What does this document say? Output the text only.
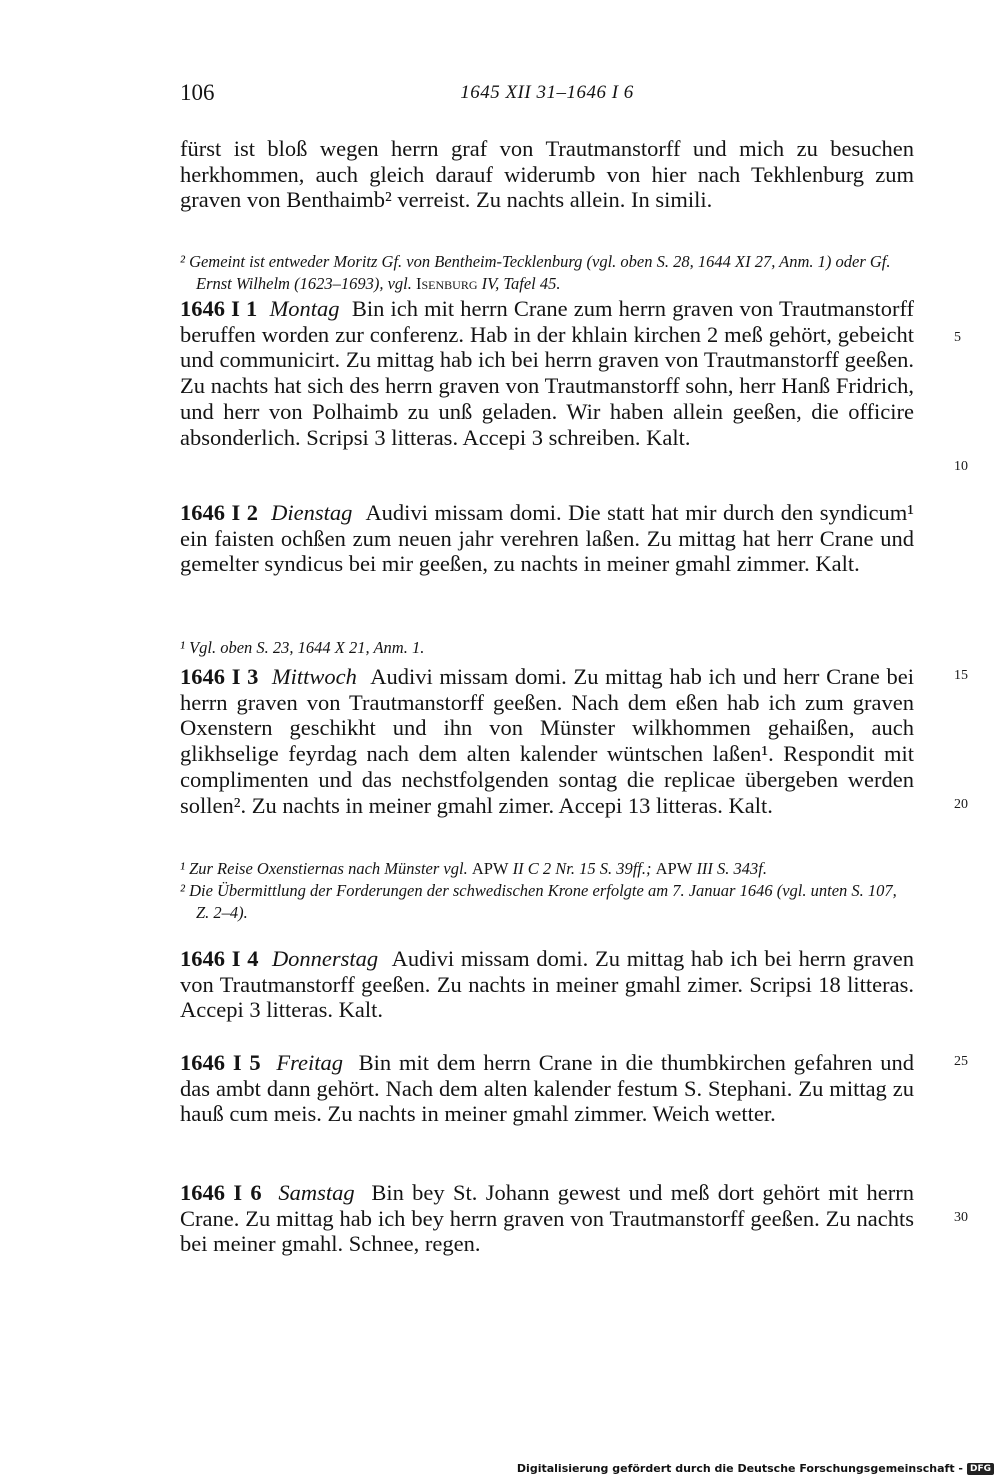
106	1645 XII 31–1646 I 6

fürst ist bloß wegen herrn graf von Trautmanstorff und mich zu besuchen herkhommen, auch gleich darauf widerumb von hier nach Tekhlenburg zum graven von Benthaimb² verreist. Zu nachts allein. In simili.

² Gemeint ist entweder Moritz Gf. von Bentheim-Tecklenburg (vgl. oben S. 28, 1644 XI 27, Anm. 1) oder Gf. Ernst Wilhelm (1623–1693), vgl. Isenburg IV, Tafel 45.

1646 I 1 Montag Bin ich mit herrn Crane zum herrn graven von Trautmanstorff beruffen worden zur conferenz. Hab in der khlain kirchen 2 meß gehört, gebeicht und communicirt. Zu mittag hab ich bei herrn graven von Trautmanstorff geeßen. Zu nachts hat sich des herrn graven von Trautmanstorff sohn, herr Hanß Fridrich, und herr von Polhaimb zu unß geladen. Wir haben allein geeßen, die officire absonderlich. Scripsi 3 litteras. Accepi 3 schreiben. Kalt.

1646 I 2 Dienstag Audivi missam domi. Die statt hat mir durch den syndicum¹ ein faisten ochßen zum neuen jahr verehren laßen. Zu mittag hat herr Crane und gemelter syndicus bei mir geeßen, zu nachts in meiner gmahl zimmer. Kalt.

¹ Vgl. oben S. 23, 1644 X 21, Anm. 1.

1646 I 3 Mittwoch Audivi missam domi. Zu mittag hab ich und herr Crane bei herrn graven von Trautmanstorff geeßen. Nach dem eßen hab ich zum graven Oxenstern geschikht und ihn von Münster wilkhommen gehaißen, auch glikhselige feyrdag nach dem alten kalender wüntschen laßen¹. Respondit mit complimenten und das nechstfolgenden sontag die replicae übergeben werden sollen². Zu nachts in meiner gmahl zimer. Accepi 13 litteras. Kalt.

¹ Zur Reise Oxenstiernas nach Münster vgl. APW II C 2 Nr. 15 S. 39ff.; APW III S. 343f.

² Die Übermittlung der Forderungen der schwedischen Krone erfolgte am 7. Januar 1646 (vgl. unten S. 107, Z. 2–4).

1646 I 4 Donnerstag Audivi missam domi. Zu mittag hab ich bei herrn graven von Trautmanstorff geeßen. Zu nachts in meiner gmahl zimer. Scripsi 18 litteras. Accepi 3 litteras. Kalt.

1646 I 5 Freitag Bin mit dem herrn Crane in die thumbkirchen gefahren und das ambt dann gehört. Nach dem alten kalender festum S. Stephani. Zu mittag zu hauß cum meis. Zu nachts in meiner gmahl zimmer. Weich wetter.

1646 I 6 Samstag Bin bey St. Johann gewest und meß dort gehört mit herrn Crane. Zu mittag hab ich bey herrn graven von Trautmanstorff geeßen. Zu nachts bei meiner gmahl. Schnee, regen.

5
10
15
20
25
30
Digitalisierung gefördert durch die Deutsche Forschungsgemeinschaft - DFG
